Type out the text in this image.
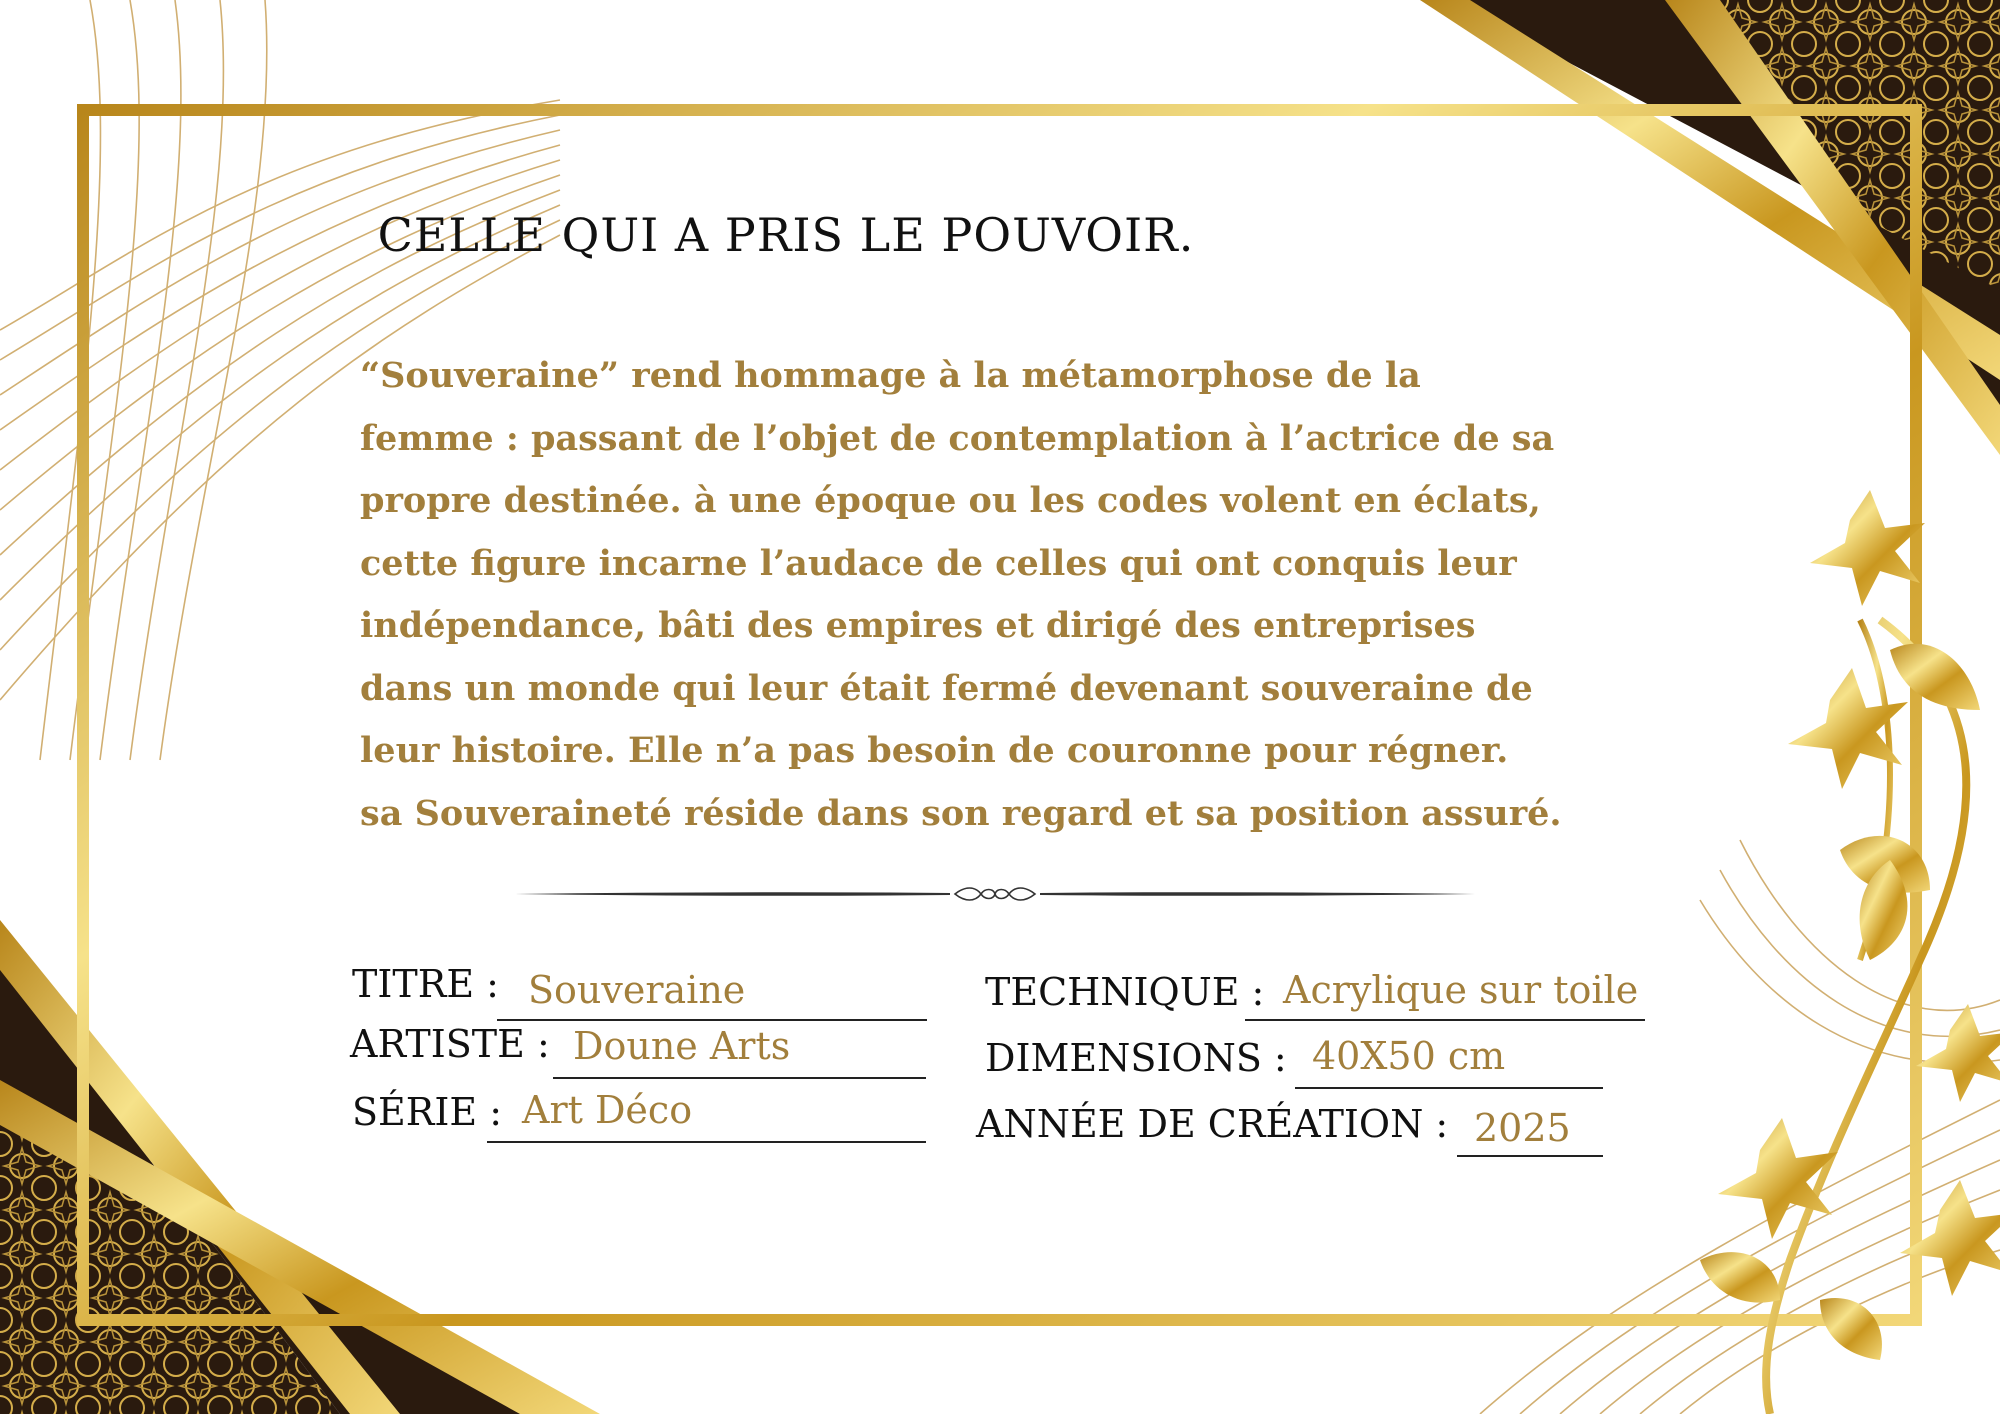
CELLE QUI A PRIS LE POUVOIR.

“Souveraine” rend hommage à la métamorphose de la

femme : passant de l’objet de contemplation à l’actrice de sa

propre destinée. à une époque ou les codes volent en éclats,

cette figure incarne l’audace de celles qui ont conquis leur

indépendance, bâti des empires et dirigé des entreprises

dans un monde qui leur était fermé devenant souveraine de

leur histoire. Elle n’a pas besoin de couronne pour régner.

sa Souveraineté réside dans son regard et sa position assuré.

TITRE : Souveraine
ARTISTE : Doune Arts
SÉRIE : Art Déco
TECHNIQUE : Acrylique sur toile
DIMENSIONS : 40X50 cm
ANNÉE DE CRÉATION : 2025
